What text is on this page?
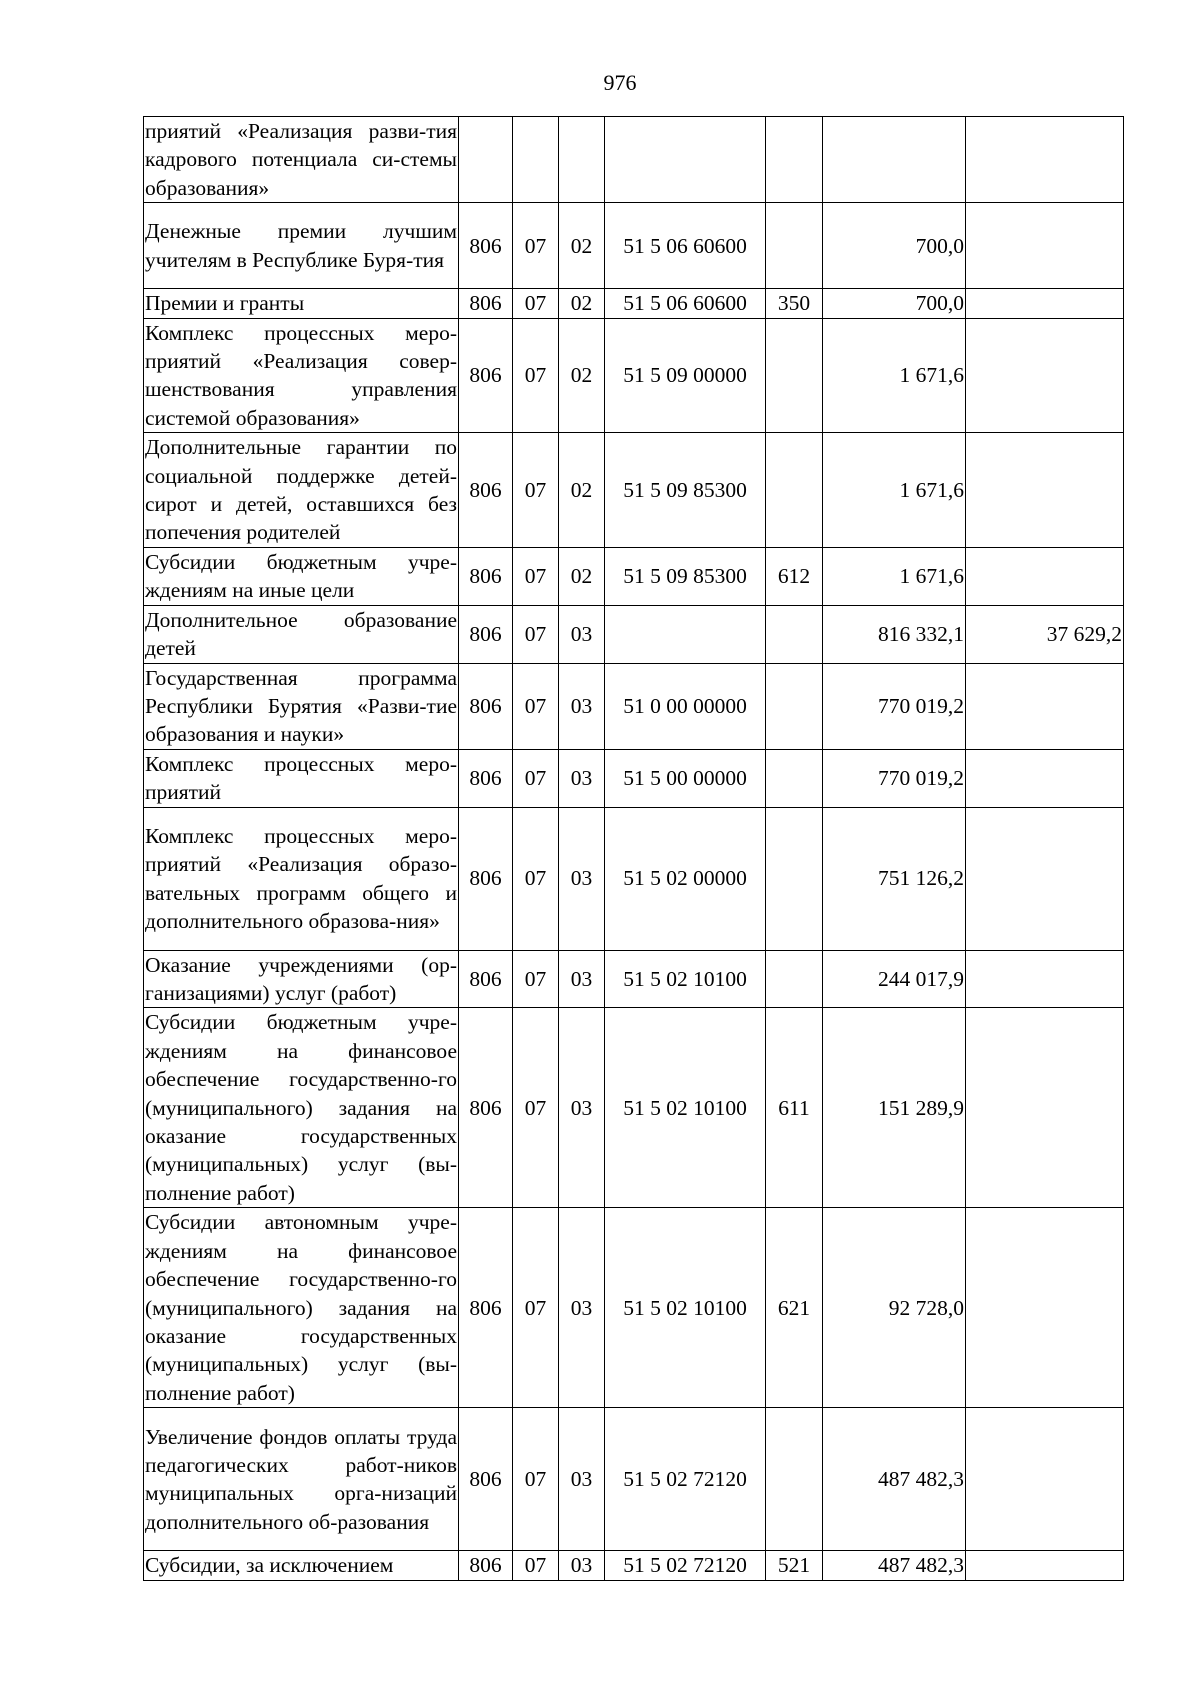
976
приятий «Реализация разви-тия кадрового потенциала си-стемы образования»							
Денежные премии лучшим учителям в Республике Буря-тия	806	07	02	51 5 06 60600		700,0	
Премии и гранты	806	07	02	51 5 06 60600	350	700,0	
Комплекс процессных меро-приятий «Реализация совер-шенствования управления системой образования»	806	07	02	51 5 09 00000		1 671,6	
Дополнительные гарантии по социальной поддержке детей-сирот и детей, оставшихся без попечения родителей	806	07	02	51 5 09 85300		1 671,6	
Субсидии бюджетным учре-ждениям на иные цели	806	07	02	51 5 09 85300	612	1 671,6	
Дополнительное образование детей	806	07	03			816 332,1	37 629,2
Государственная программа Республики Бурятия «Разви-тие образования и науки»	806	07	03	51 0 00 00000		770 019,2	
Комплекс процессных меро-приятий	806	07	03	51 5 00 00000		770 019,2	
Комплекс процессных меро-приятий «Реализация образо-вательных программ общего и дополнительного образова-ния»	806	07	03	51 5 02 00000		751 126,2	
Оказание учреждениями (ор-ганизациями) услуг (работ)	806	07	03	51 5 02 10100		244 017,9	
Субсидии бюджетным учре-ждениям на финансовое обеспечение государственно-го (муниципального) задания на оказание государственных (муниципальных) услуг (вы-полнение работ)	806	07	03	51 5 02 10100	611	151 289,9	
Субсидии автономным учре-ждениям на финансовое обеспечение государственно-го (муниципального) задания на оказание государственных (муниципальных) услуг (вы-полнение работ)	806	07	03	51 5 02 10100	621	92 728,0	
Увеличение фондов оплаты труда педагогических работ-ников муниципальных орга-низаций дополнительного об-разования	806	07	03	51 5 02 72120		487 482,3	
Субсидии, за исключением	806	07	03	51 5 02 72120	521	487 482,3	
